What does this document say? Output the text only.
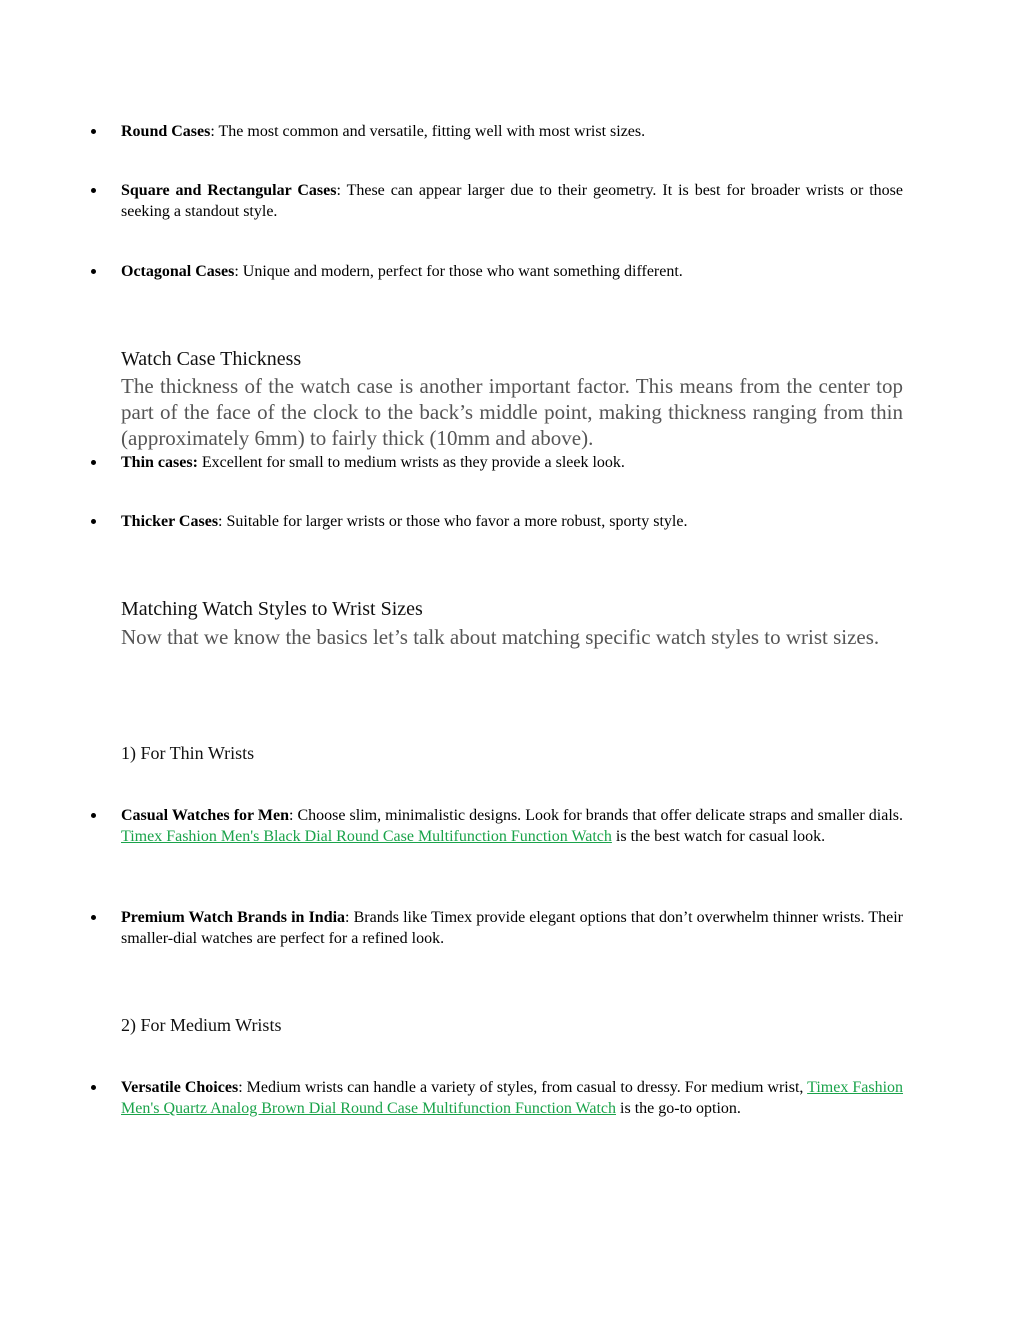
Round Cases: The most common and versatile, fitting well with most wrist sizes.
Square and Rectangular Cases: These can appear larger due to their geometry. It is best for broader wrists or those seeking a standout style.
Octagonal Cases: Unique and modern, perfect for those who want something different.
Watch Case Thickness
The thickness of the watch case is another important factor. This means from the center top part of the face of the clock to the back’s middle point, making thickness ranging from thin (approximately 6mm) to fairly thick (10mm and above).
Thin cases: Excellent for small to medium wrists as they provide a sleek look.
Thicker Cases: Suitable for larger wrists or those who favor a more robust, sporty style.
Matching Watch Styles to Wrist Sizes
Now that we know the basics let’s talk about matching specific watch styles to wrist sizes.
1) For Thin Wrists
Casual Watches for Men: Choose slim, minimalistic designs. Look for brands that offer delicate straps and smaller dials. Timex Fashion Men's Black Dial Round Case Multifunction Function Watch is the best watch for casual look.
Premium Watch Brands in India: Brands like Timex provide elegant options that don’t overwhelm thinner wrists. Their smaller-dial watches are perfect for a refined look.
2) For Medium Wrists
Versatile Choices: Medium wrists can handle a variety of styles, from casual to dressy. For medium wrist, Timex Fashion Men's Quartz Analog Brown Dial Round Case Multifunction Function Watch is the go-to option.
